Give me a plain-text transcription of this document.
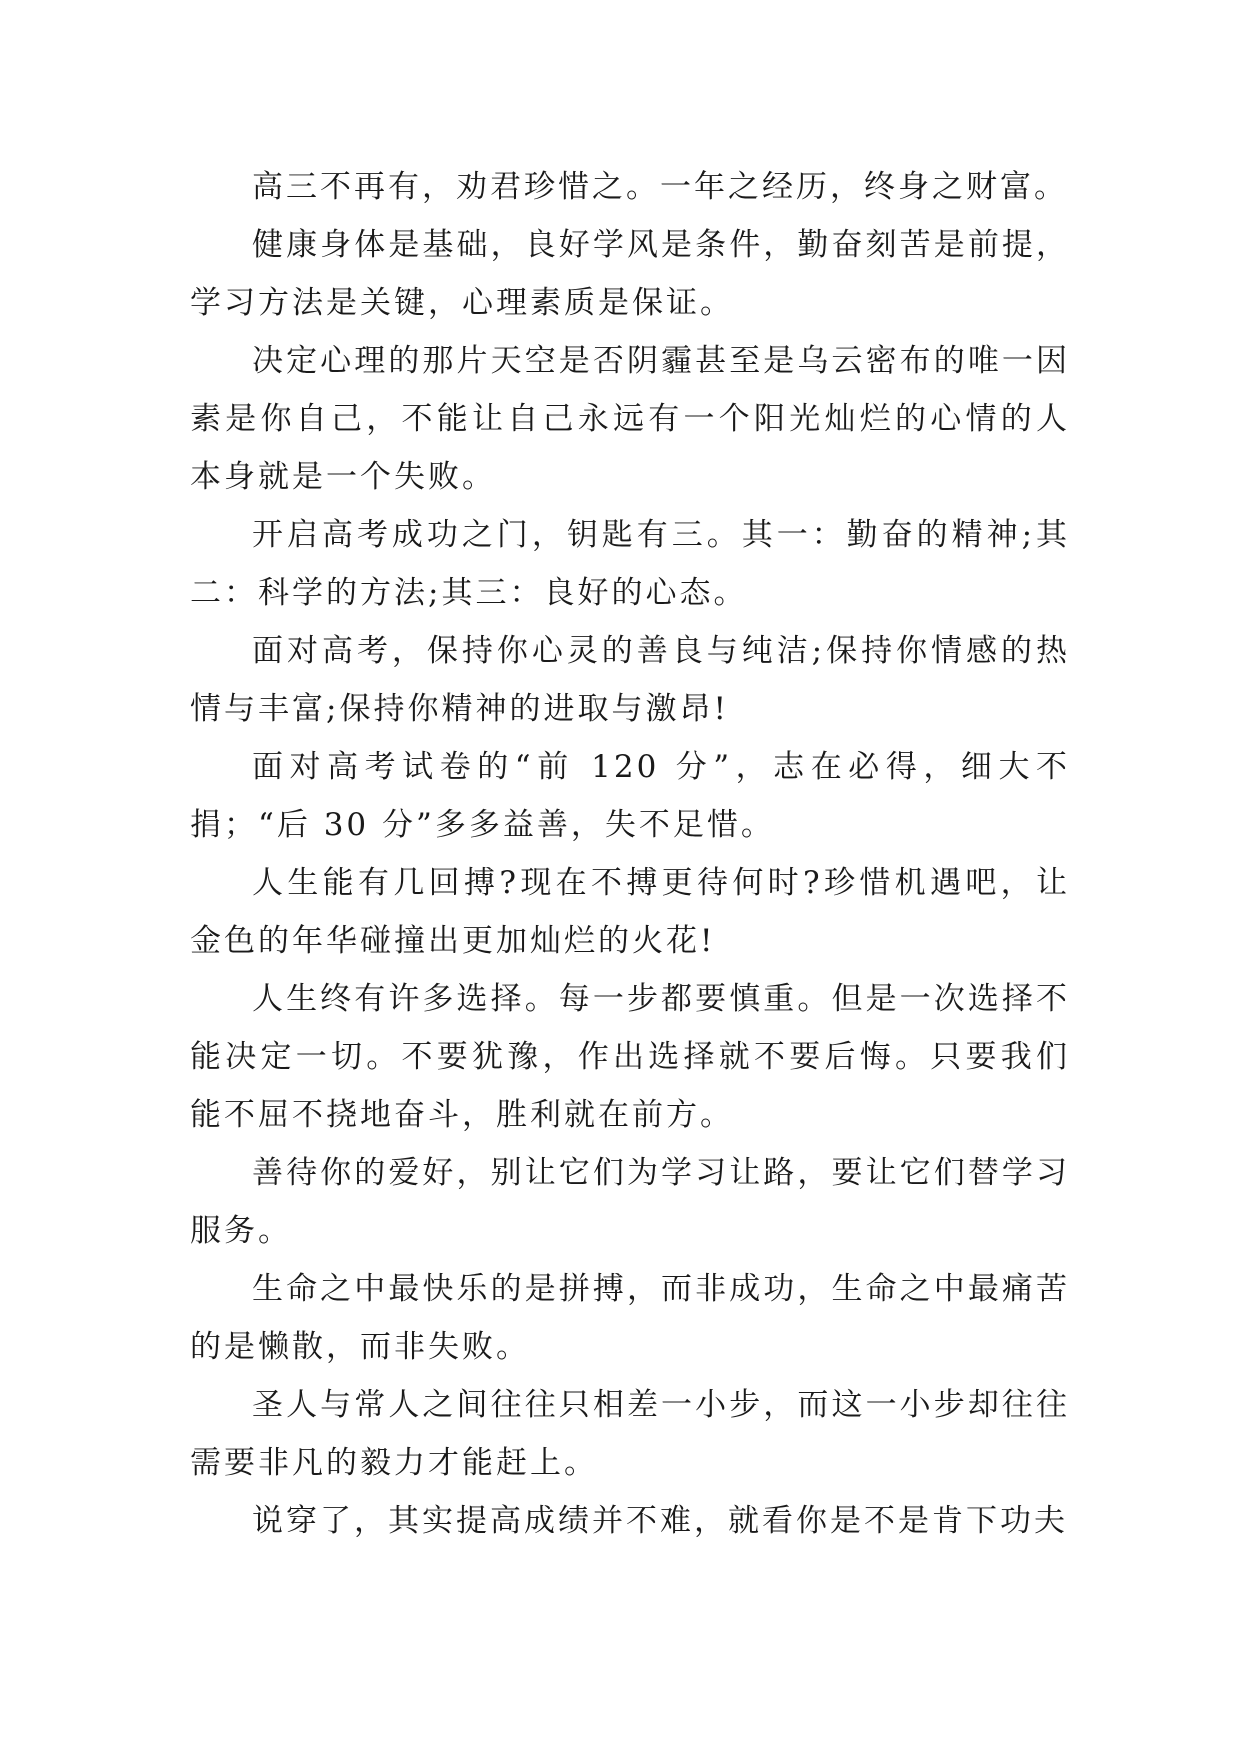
高三不再有，劝君珍惜之。一年之经历，终身之财富。

健康身体是基础，良好学风是条件，勤奋刻苦是前提，学习方法是关键，心理素质是保证。

决定心理的那片天空是否阴霾甚至是乌云密布的唯一因素是你自己，不能让自己永远有一个阳光灿烂的心情的人本身就是一个失败。

开启高考成功之门，钥匙有三。其一：勤奋的精神;其二：科学的方法;其三：良好的心态。

面对高考，保持你心灵的善良与纯洁;保持你情感的热情与丰富;保持你精神的进取与激昂!

面对高考试卷的“前 120 分”，志在必得，细大不捐；“后 30 分”多多益善，失不足惜。

人生能有几回搏?现在不搏更待何时?珍惜机遇吧，让金色的年华碰撞出更加灿烂的火花!

人生终有许多选择。每一步都要慎重。但是一次选择不能决定一切。不要犹豫，作出选择就不要后悔。只要我们能不屈不挠地奋斗，胜利就在前方。

善待你的爱好，别让它们为学习让路，要让它们替学习服务。

生命之中最快乐的是拼搏，而非成功，生命之中最痛苦的是懒散，而非失败。

圣人与常人之间往往只相差一小步，而这一小步却往往需要非凡的毅力才能赶上。

说穿了，其实提高成绩并不难，就看你是不是肯下功夫
